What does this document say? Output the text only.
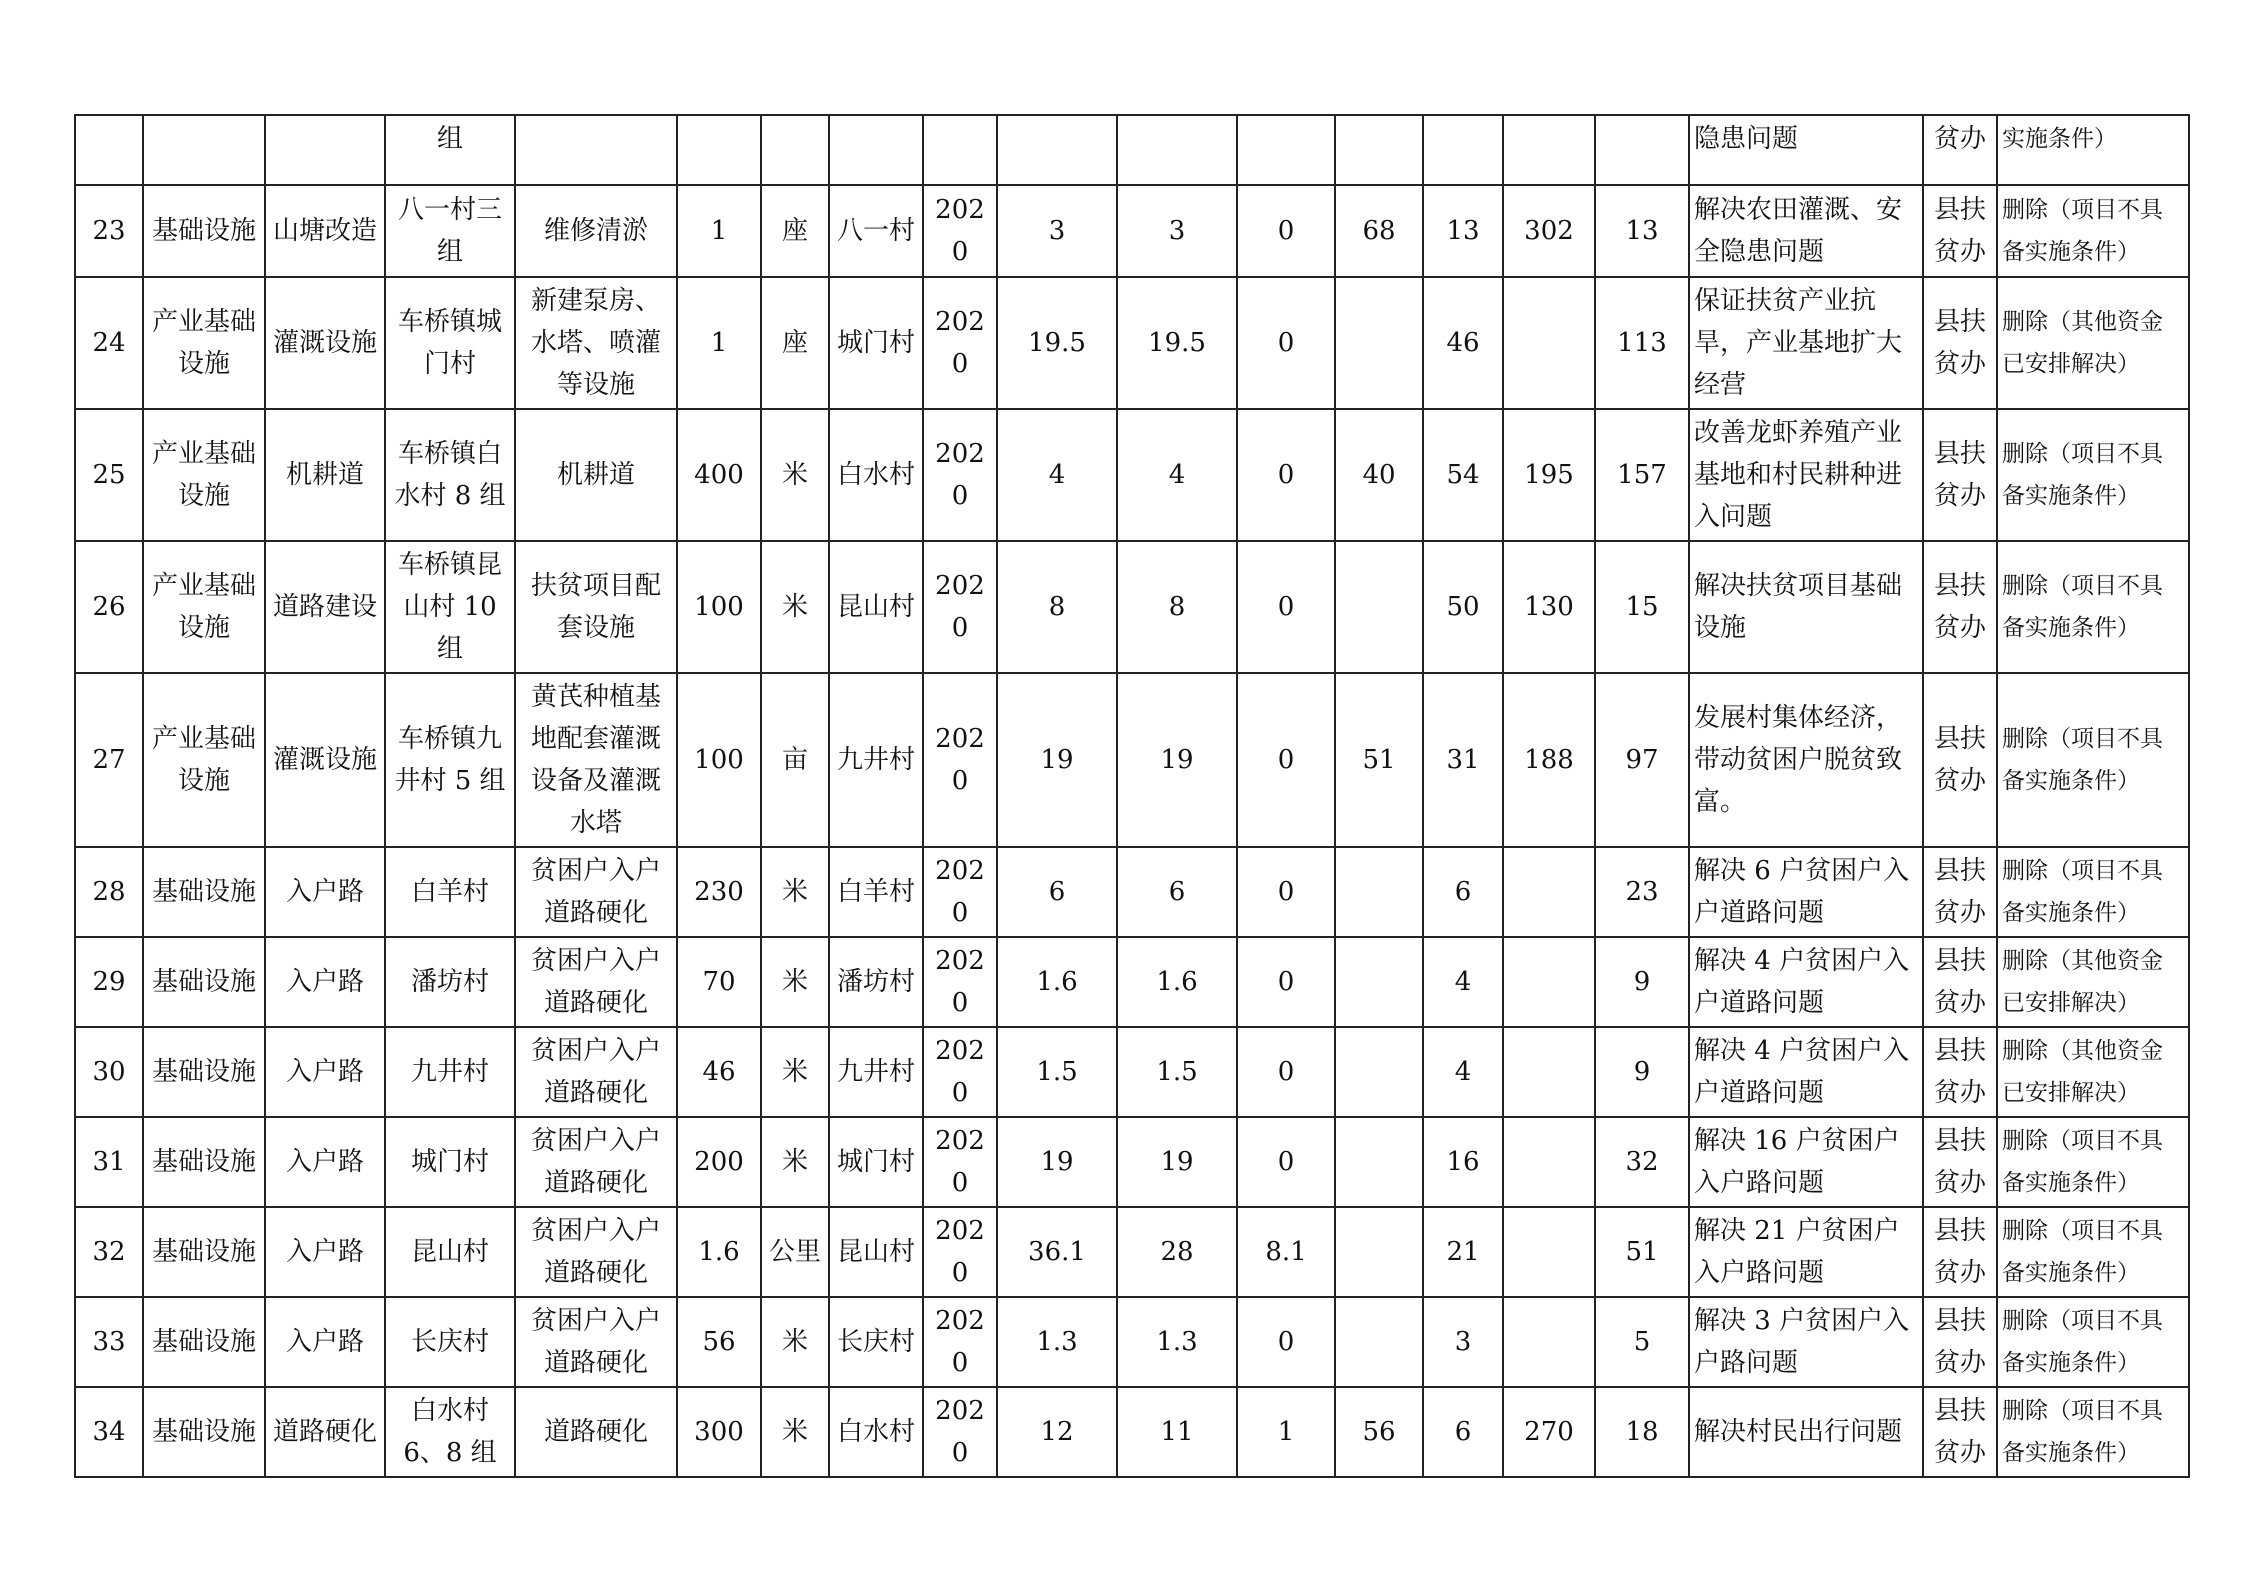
			组													隐患问题	贫办	实施条件）
23	基础设施	山塘改造	八一村三组	维修清淤	1	座	八一村	2020	3	3	0	68	13	302	13	解决农田灌溉、安全隐患问题	县扶贫办	删除（项目不具备实施条件）
24	产业基础设施	灌溉设施	车桥镇城门村	新建泵房、水塔、喷灌等设施	1	座	城门村	2020	19.5	19.5	0		46		113	保证扶贫产业抗旱，产业基地扩大经营	县扶贫办	删除（其他资金已安排解决）
25	产业基础设施	机耕道	车桥镇白水村 8 组	机耕道	400	米	白水村	2020	4	4	0	40	54	195	157	改善龙虾养殖产业基地和村民耕种进入问题	县扶贫办	删除（项目不具备实施条件）
26	产业基础设施	道路建设	车桥镇昆山村 10 组	扶贫项目配套设施	100	米	昆山村	2020	8	8	0		50	130	15	解决扶贫项目基础设施	县扶贫办	删除（项目不具备实施条件）
27	产业基础设施	灌溉设施	车桥镇九井村 5 组	黄芪种植基地配套灌溉设备及灌溉水塔	100	亩	九井村	2020	19	19	0	51	31	188	97	发展村集体经济，带动贫困户脱贫致富。	县扶贫办	删除（项目不具备实施条件）
28	基础设施	入户路	白羊村	贫困户入户道路硬化	230	米	白羊村	2020	6	6	0		6		23	解决 6 户贫困户入户道路问题	县扶贫办	删除（项目不具备实施条件）
29	基础设施	入户路	潘坊村	贫困户入户道路硬化	70	米	潘坊村	2020	1.6	1.6	0		4		9	解决 4 户贫困户入户道路问题	县扶贫办	删除（其他资金已安排解决）
30	基础设施	入户路	九井村	贫困户入户道路硬化	46	米	九井村	2020	1.5	1.5	0		4		9	解决 4 户贫困户入户道路问题	县扶贫办	删除（其他资金已安排解决）
31	基础设施	入户路	城门村	贫困户入户道路硬化	200	米	城门村	2020	19	19	0		16		32	解决 16 户贫困户入户路问题	县扶贫办	删除（项目不具备实施条件）
32	基础设施	入户路	昆山村	贫困户入户道路硬化	1.6	公里	昆山村	2020	36.1	28	8.1		21		51	解决 21 户贫困户入户路问题	县扶贫办	删除（项目不具备实施条件）
33	基础设施	入户路	长庆村	贫困户入户道路硬化	56	米	长庆村	2020	1.3	1.3	0		3		5	解决 3 户贫困户入户路问题	县扶贫办	删除（项目不具备实施条件）
34	基础设施	道路硬化	白水村 6、8 组	道路硬化	300	米	白水村	2020	12	11	1	56	6	270	18	解决村民出行问题	县扶贫办	删除（项目不具备实施条件）
